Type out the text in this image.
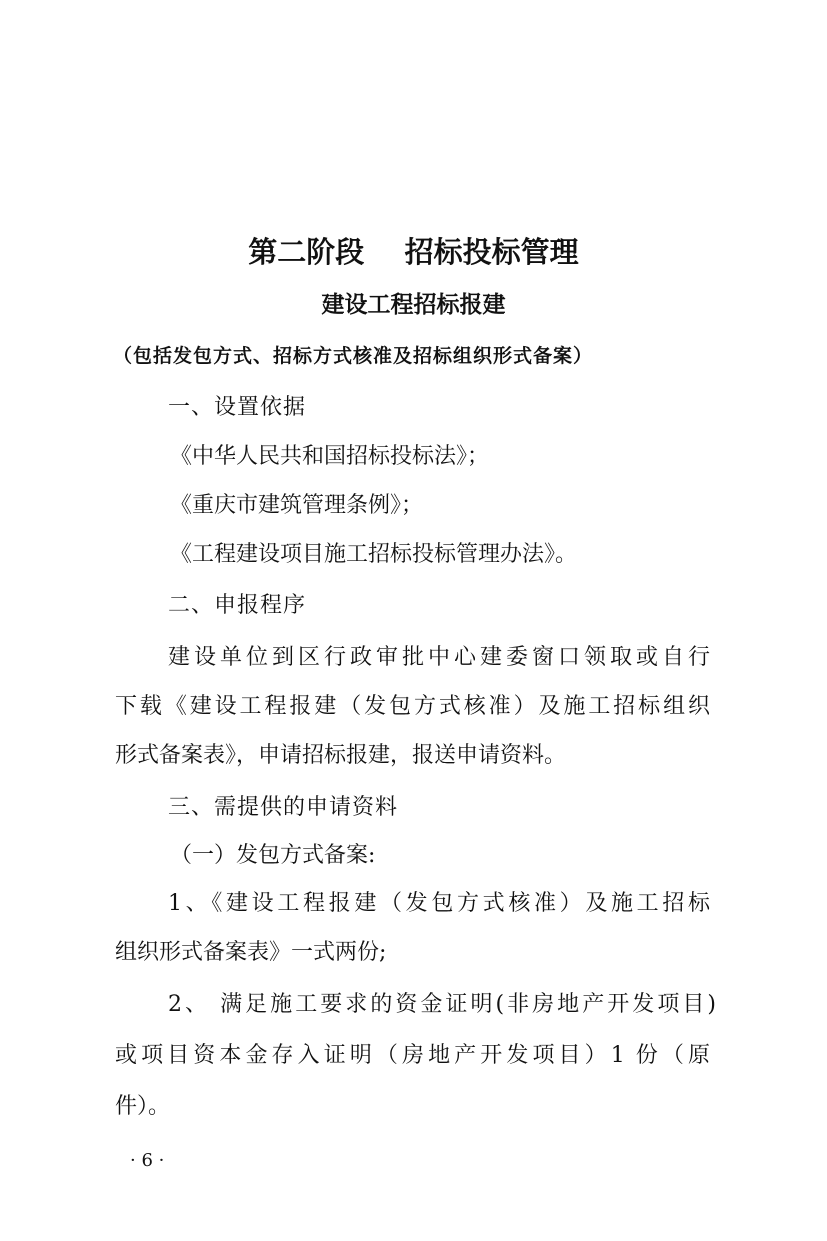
第二阶段    招标投标管理
建设工程招标报建
（包括发包方式、招标方式核准及招标组织形式备案）
一、设置依据
《中华人民共和国招标投标法》；
《重庆市建筑管理条例》；
《工程建设项目施工招标投标管理办法》。
二、申报程序
建设单位到区行政审批中心建委窗口领取或自行
下载《建设工程报建（发包方式核准）及施工招标组织
形式备案表》，申请招标报建，报送申请资料。
三、需提供的申请资料
（一）发包方式备案:
1、《建设工程报建（发包方式核准）及施工招标
组织形式备案表》一式两份;
2、 满足施工要求的资金证明(非房地产开发项目)
或项目资本金存入证明（房地产开发项目）1 份（原
件）。
· 6 ·
